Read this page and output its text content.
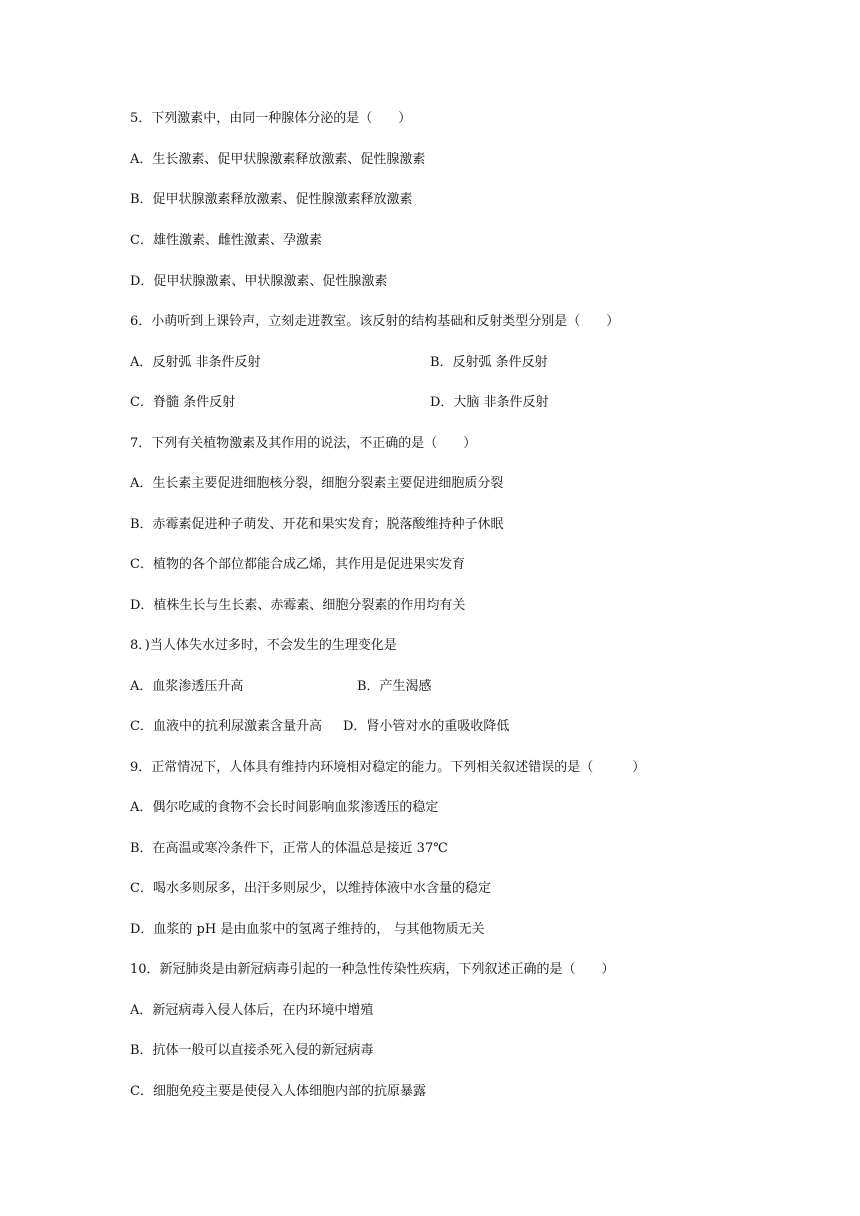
5．下列激素中，由同一种腺体分泌的是（　　）
A．生长激素、促甲状腺激素释放激素、促性腺激素
B．促甲状腺激素释放激素、促性腺激素释放激素
C．雄性激素、雌性激素、孕激素
D．促甲状腺激素、甲状腺激素、促性腺激素
6．小萌听到上课铃声，立刻走进教室。该反射的结构基础和反射类型分别是（　　）
A．反射弧 非条件反射	B．反射弧 条件反射
C．脊髓 条件反射	D．大脑 非条件反射
7．下列有关植物激素及其作用的说法，不正确的是（　　）
A．生长素主要促进细胞核分裂，细胞分裂素主要促进细胞质分裂
B．赤霉素促进种子萌发、开花和果实发育；脱落酸维持种子休眠
C．植物的各个部位都能合成乙烯，其作用是促进果实发育
D．植株生长与生长素、赤霉素、细胞分裂素的作用均有关
8．)当人体失水过多时，不会发生的生理变化是
A．血浆渗透压升高	B．产生渴感
C．血液中的抗利尿激素含量升高 D．肾小管对水的重吸收降低
9．正常情况下，人体具有维持内环境相对稳定的能力。下列相关叙述错误的是（　　　）
A．偶尔吃咸的食物不会长时间影响血浆渗透压的稳定
B．在高温或寒冷条件下，正常人的体温总是接近 37℃
C．喝水多则尿多，出汗多则尿少，以维持体液中水含量的稳定
D．血浆的 pH 是由血浆中的氢离子维持的， 与其他物质无关
10．新冠肺炎是由新冠病毒引起的一种急性传染性疾病，下列叙述正确的是（　　）
A．新冠病毒入侵人体后，在内环境中增殖
B．抗体一般可以直接杀死入侵的新冠病毒
C．细胞免疫主要是使侵入人体细胞内部的抗原暴露
